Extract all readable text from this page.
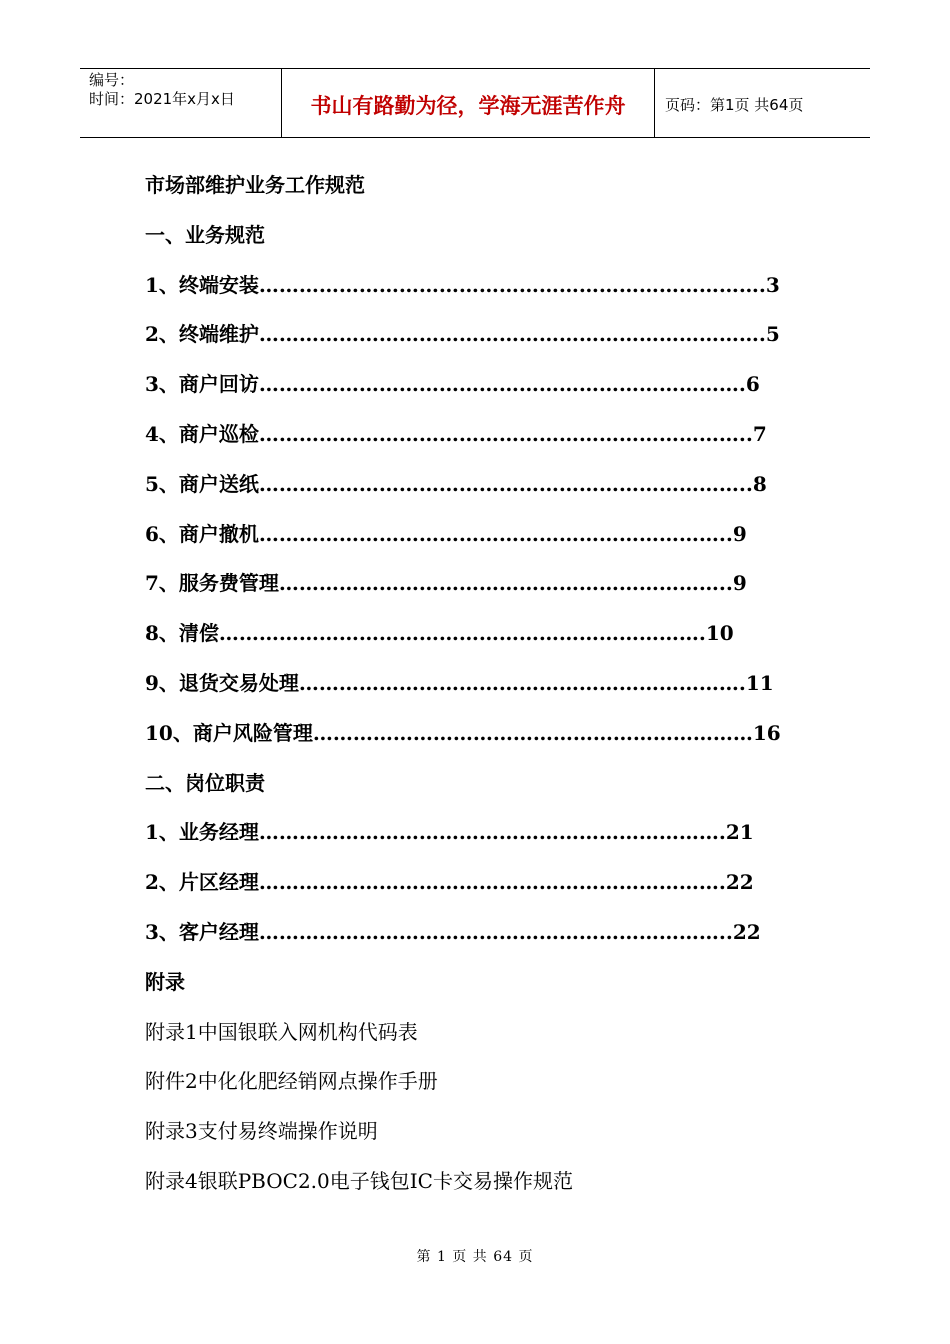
编号：
时间：2021年x月x日	书山有路勤为径，学海无涯苦作舟	页码：第1页 共64页
市场部维护业务工作规范
一、业务规范
1、终端安装 ………………………………………………………… ……….3
2、终端维护 ………………………………………………………… ……….5
3、商户回访 ………………………………………………………… …….6
4、商户巡检 …………………………………………………………… …..7
5、商户送纸 …………………………………………………………… …..8
6、商户撤机 …………………………………………………………… ..9
7、服务费管理 ………………………………………………………… ..9
8、清偿 ……………………………………………………………… .10
9、退货交易处理 ………………………………………………………… .11
10、商户风险管理 ………………………………………………………… 16
二、岗位职责
1、业务经理 …………………………………………………………… .21
2、片区经理 …………………………………………………………… .22
3、客户经理 …………………………………………………………… ..22
附录
附录1中国银联入网机构代码表
附件2中化化肥经销网点操作手册
附录3支付易终端操作说明
附录4银联PBOC2.0电子钱包IC卡交易操作规范
第 1 页 共 64 页
